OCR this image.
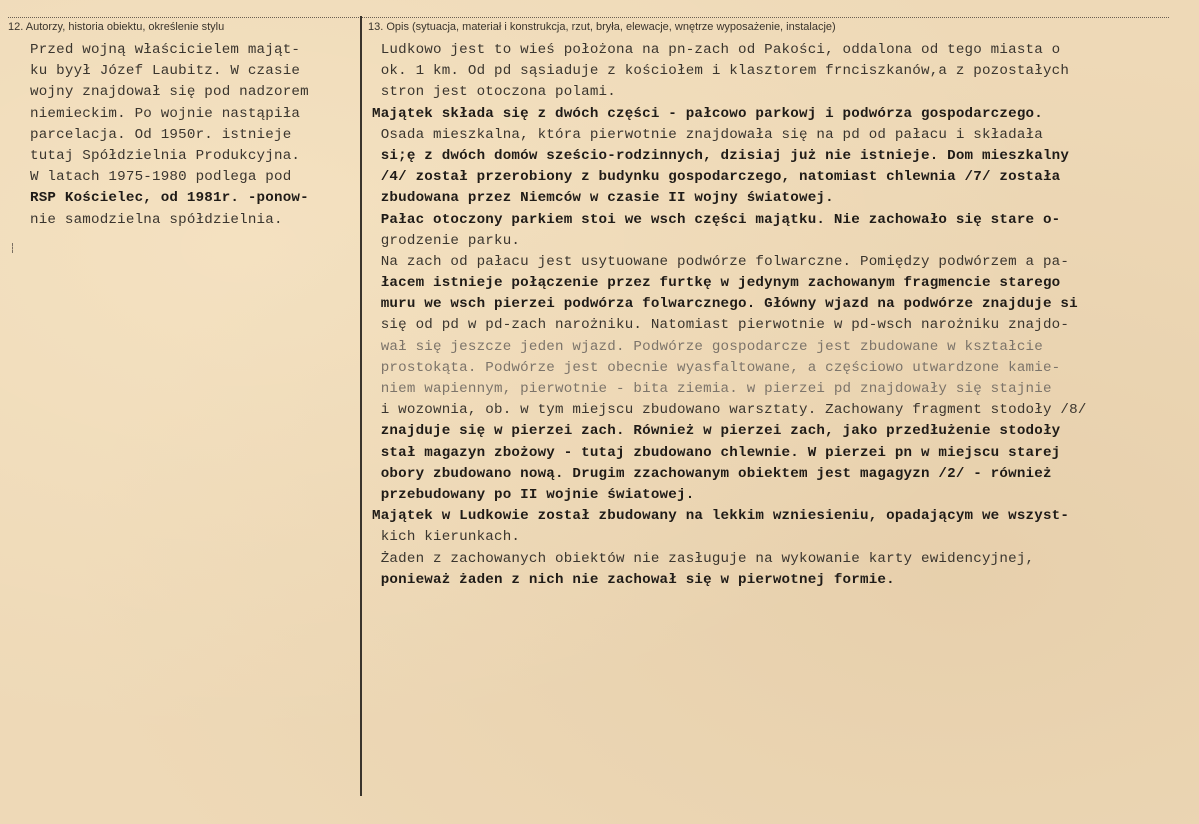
12. Autorzy, historia obiektu, określenie stylu	13. Opis (sytuacja, materiał i konstrukcja, rzut, bryła, elewacje, wnętrze wyposażenie, instalacje)
Przed wojną właścicielem mająt-
ku byył Józef Laubitz. W czasie
wojny znajdował się pod nadzorem
niemieckim. Po wojnie nastąpiła
parcelacja. Od 1950r. istnieje
tutaj Spółdzielnia Produkcyjna.
W latach 1975-1980 podlega pod
RSP Kościelec, od 1981r. -ponow-
nie samodzielna spółdzielnia.
Ludkowo jest to wieś położona na pn-zach od Pakości, oddalona od tego miasta o
ok. 1 km. Od pd sąsiaduje z kościołem i klasztorem frnciszkanów,a z pozostałych
stron jest otoczona polami.
Majątek składa się z dwóch części - pałcowo parkowj i podwórza gospodarczego.
Osada mieszkalna, która pierwotnie znajdowała się na pd od pałacu i składała
si;ę z dwóch domów sześcio-rodzinnych, dzisiaj już nie istnieje. Dom mieszkalny
/4/ został przerobiony z budynku gospodarczego, natomiast chlewnia /7/ została
zbudowana przez Niemców w czasie II wojny światowej.
Pałac otoczony parkiem stoi we wsch części majątku. Nie zachowało się stare o-
grodzenie parku.
Na zach od pałacu jest usytuowane podwórze folwarczne. Pomiędzy podwórzem a pa-
łacem istnieje połączenie przez furtkę w jedynym zachowanym fragmencie starego
muru we wsch pierzei podwórza folwarcznego. Główny wjazd na podwórze znajduje si
się od pd w pd-zach narożniku. Natomiast pierwotnie w pd-wsch narożniku znajdo-
wał się jeszcze jeden wjazd. Podwórze gospodarcze jest zbudowane w kształcie
prostokąta. Podwórze jest obecnie wyasfaltowane, a częściowo utwardzone kamie-
niem wapiennym, pierwotnie - bita ziemia. w pierzei pd znajdowały się stajnie
i wozownia, ob. w tym miejscu zbudowano warsztaty. Zachowany fragment stodoły /8/
znajduje się w pierzei zach. Również w pierzei zach, jako przedłużenie stodoły
stał magazyn zbożowy - tutaj zbudowano chlewnie. W pierzei pn w miejscu starej
obory zbudowano nową. Drugim zzachowanym obiektem jest magagyzn /2/ - również
przebudowany po II wojnie światowej.
Majątek w Ludkowie został zbudowany na lekkim wzniesieniu, opadającym we wszyst-
kich kierunkach.
Żaden z zachowanych obiektów nie zasługuje na wykowanie karty ewidencyjnej,
ponieważ żaden z nich nie zachował się w pierwotnej formie.
